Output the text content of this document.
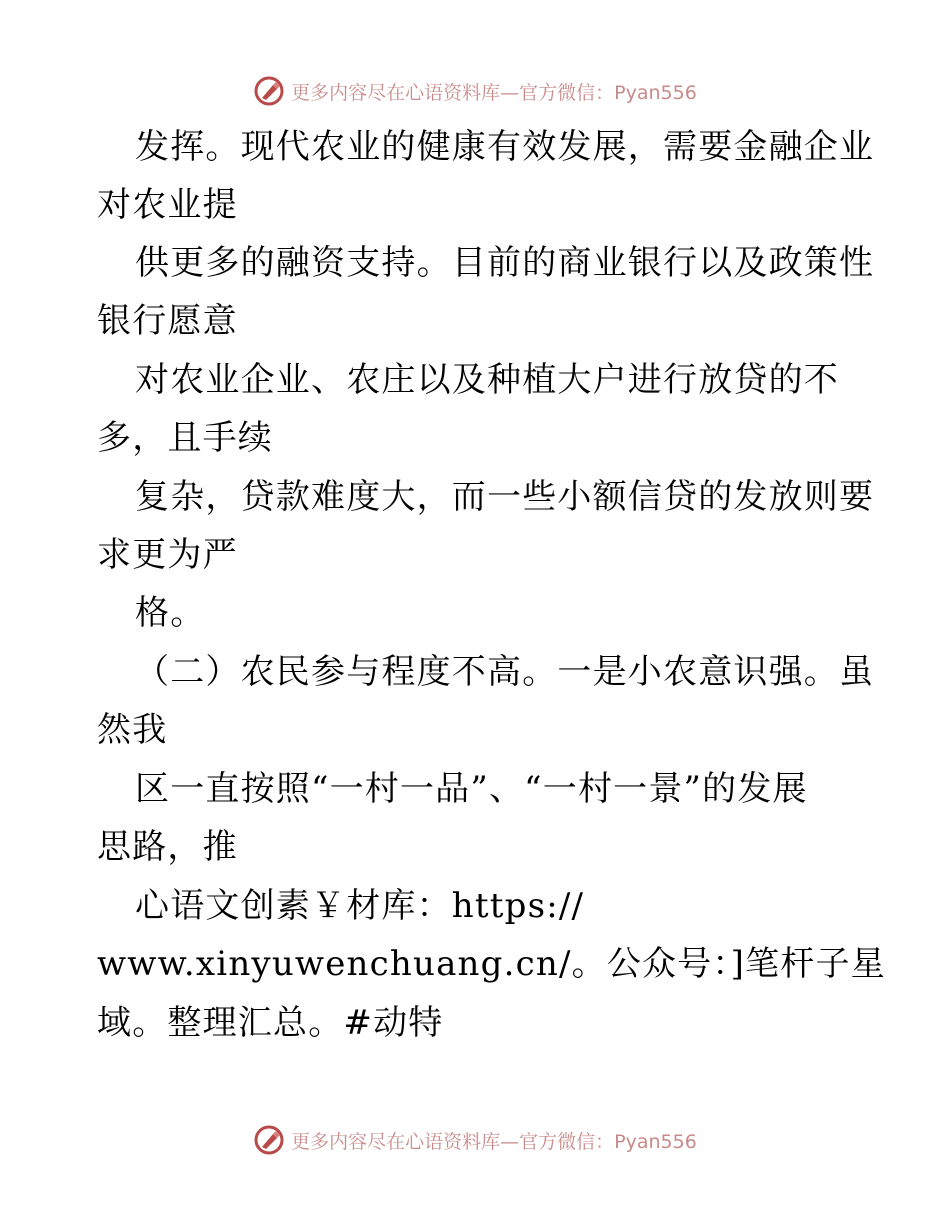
更多内容尽在心语资料库—官方微信：Pyan556
发挥。现代农业的健康有效发展，需要金融企业
对农业提
供更多的融资支持。目前的商业银行以及政策性
银行愿意
对农业企业、农庄以及种植大户进行放贷的不
多，且手续
复杂，贷款难度大，而一些小额信贷的发放则要
求更为严
格。
（二）农民参与程度不高。一是小农意识强。虽
然我
区一直按照“一村一品”、“一村一景”的发展
思路，推
心语文创素￥材库：https://
www.xinyuwenchuang.cn/。公众号：]笔杆子星
域。整理汇总。#动特
更多内容尽在心语资料库—官方微信：Pyan556
